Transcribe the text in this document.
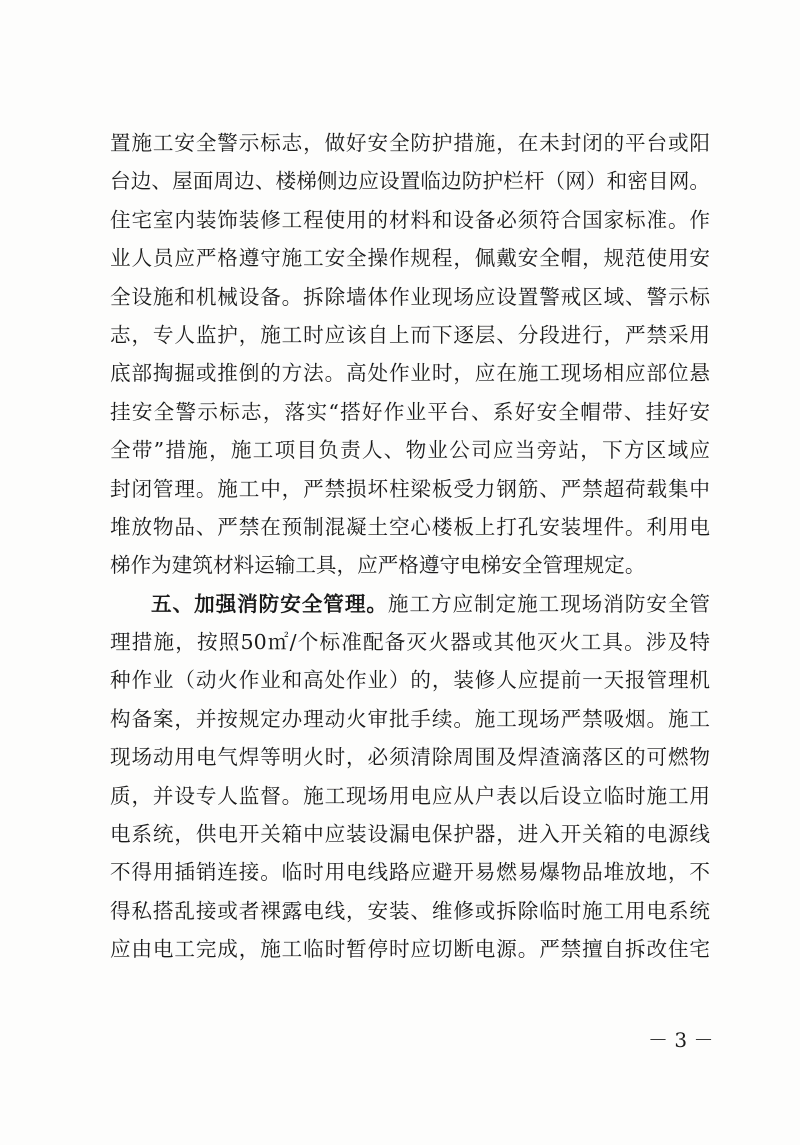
置施工安全警示标志，做好安全防护措施，在未封闭的平台或阳
台边、屋面周边、楼梯侧边应设置临边防护栏杆（网）和密目网。
住宅室内装饰装修工程使用的材料和设备必须符合国家标准。作
业人员应严格遵守施工安全操作规程，佩戴安全帽，规范使用安
全设施和机械设备。拆除墙体作业现场应设置警戒区域、警示标
志，专人监护，施工时应该自上而下逐层、分段进行，严禁采用
底部掏掘或推倒的方法。高处作业时，应在施工现场相应部位悬
挂安全警示标志，落实“搭好作业平台、系好安全帽带、挂好安
全带”措施，施工项目负责人、物业公司应当旁站，下方区域应
封闭管理。施工中，严禁损坏柱梁板受力钢筋、严禁超荷载集中
堆放物品、严禁在预制混凝土空心楼板上打孔安装埋件。利用电
梯作为建筑材料运输工具，应严格遵守电梯安全管理规定。
五、加强消防安全管理。施工方应制定施工现场消防安全管
理措施，按照50㎡/个标准配备灭火器或其他灭火工具。涉及特
种作业（动火作业和高处作业）的，装修人应提前一天报管理机
构备案，并按规定办理动火审批手续。施工现场严禁吸烟。施工
现场动用电气焊等明火时，必须清除周围及焊渣滴落区的可燃物
质，并设专人监督。施工现场用电应从户表以后设立临时施工用
电系统，供电开关箱中应装设漏电保护器，进入开关箱的电源线
不得用插销连接。临时用电线路应避开易燃易爆物品堆放地，不
得私搭乱接或者裸露电线，安装、维修或拆除临时施工用电系统
应由电工完成，施工临时暂停时应切断电源。严禁擅自拆改住宅
－ 3 －
